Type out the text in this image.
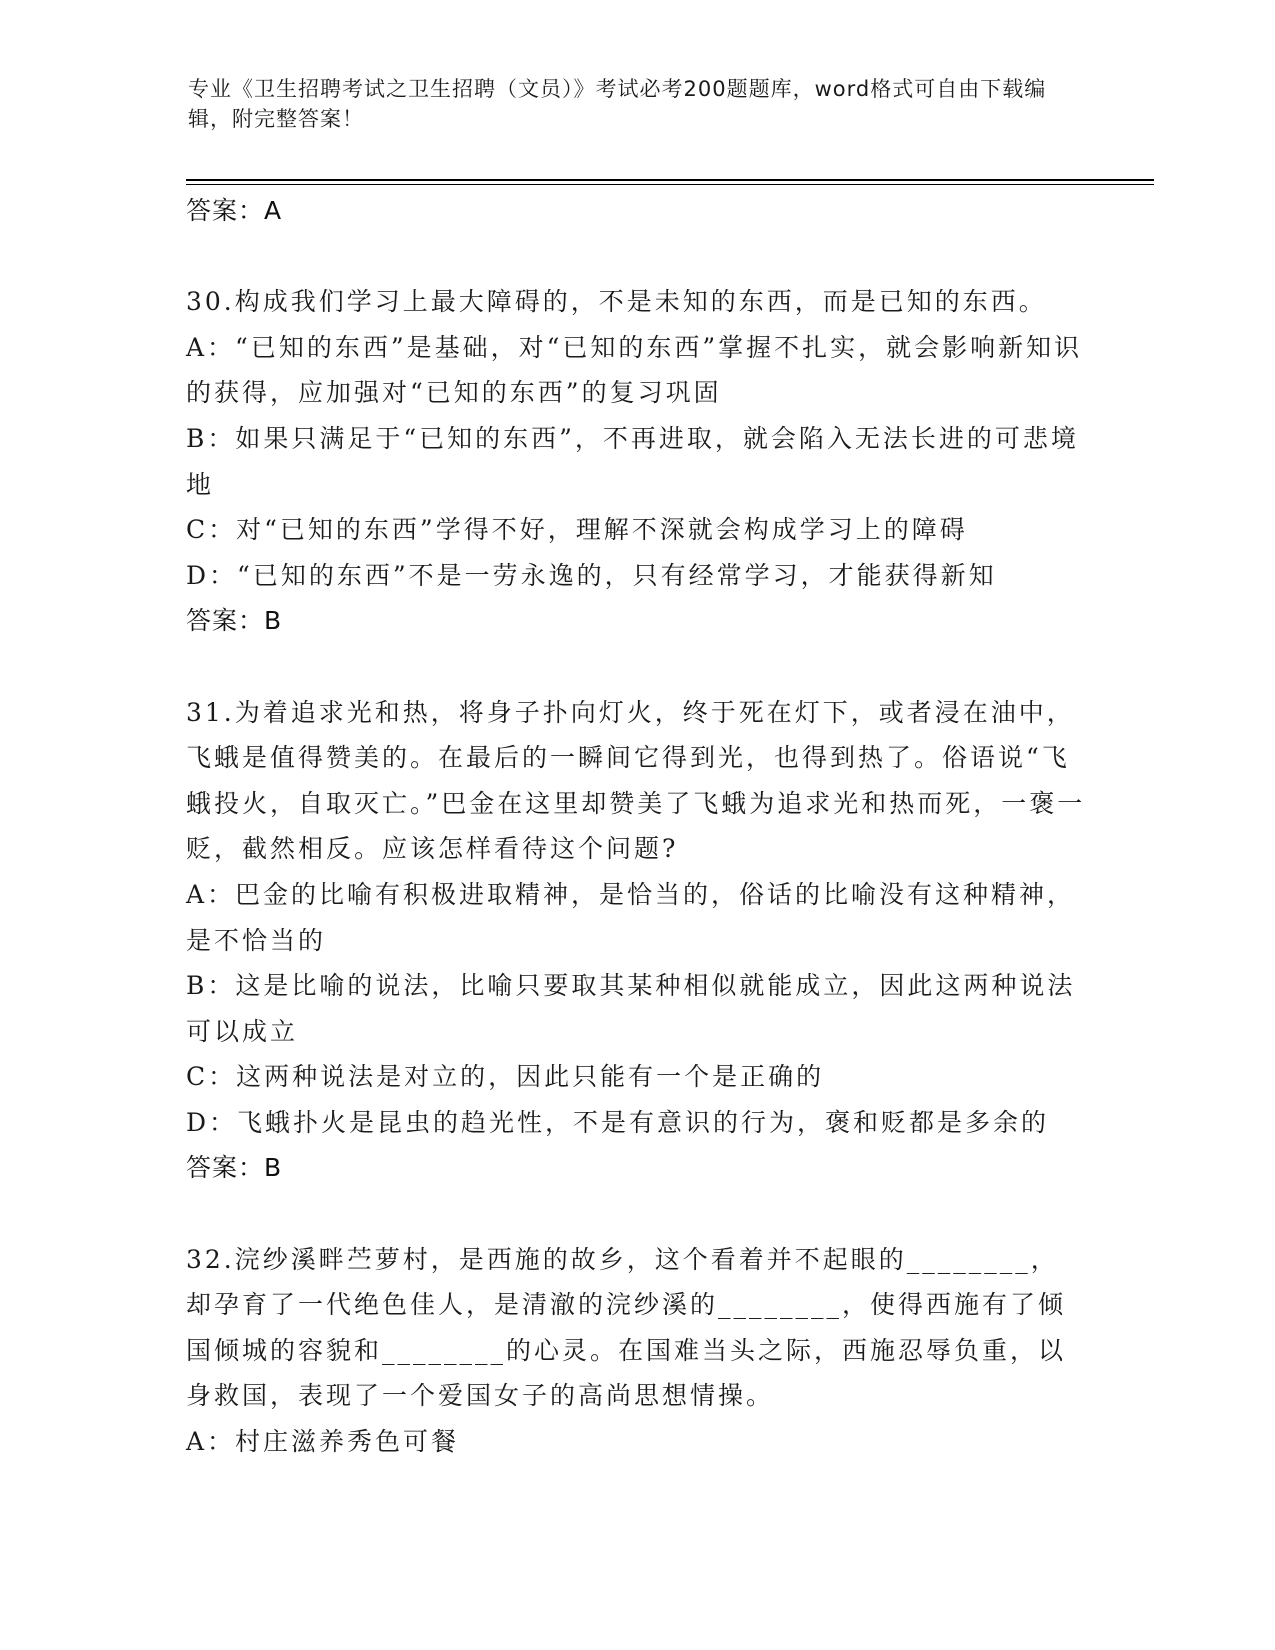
专业《卫生招聘考试之卫生招聘（文员）》考试必考200题题库，word格式可自由下载编辑，附完整答案！
答案：A

30.构成我们学习上最大障碍的，不是未知的东西，而是已知的东西。

A：“已知的东西”是基础，对“已知的东西”掌握不扎实，就会影响新知识的获得，应加强对“已知的东西”的复习巩固

B：如果只满足于“已知的东西”，不再进取，就会陷入无法长进的可悲境地

C：对“已知的东西”学得不好，理解不深就会构成学习上的障碍

D：“已知的东西”不是一劳永逸的，只有经常学习，才能获得新知

答案：B

31.为着追求光和热，将身子扑向灯火，终于死在灯下，或者浸在油中，飞蛾是值得赞美的。在最后的一瞬间它得到光，也得到热了。俗语说“飞蛾投火，自取灭亡。”巴金在这里却赞美了飞蛾为追求光和热而死，一褒一贬，截然相反。应该怎样看待这个问题?

A：巴金的比喻有积极进取精神，是恰当的，俗话的比喻没有这种精神，是不恰当的

B：这是比喻的说法，比喻只要取其某种相似就能成立，因此这两种说法可以成立

C：这两种说法是对立的，因此只能有一个是正确的

D：飞蛾扑火是昆虫的趋光性，不是有意识的行为，褒和贬都是多余的

答案：B

32.浣纱溪畔苎萝村，是西施的故乡，这个看着并不起眼的________，却孕育了一代绝色佳人，是清澈的浣纱溪的________，使得西施有了倾国倾城的容貌和________的心灵。在国难当头之际，西施忍辱负重，以身救国，表现了一个爱国女子的高尚思想情操。

A：村庄滋养秀色可餐
